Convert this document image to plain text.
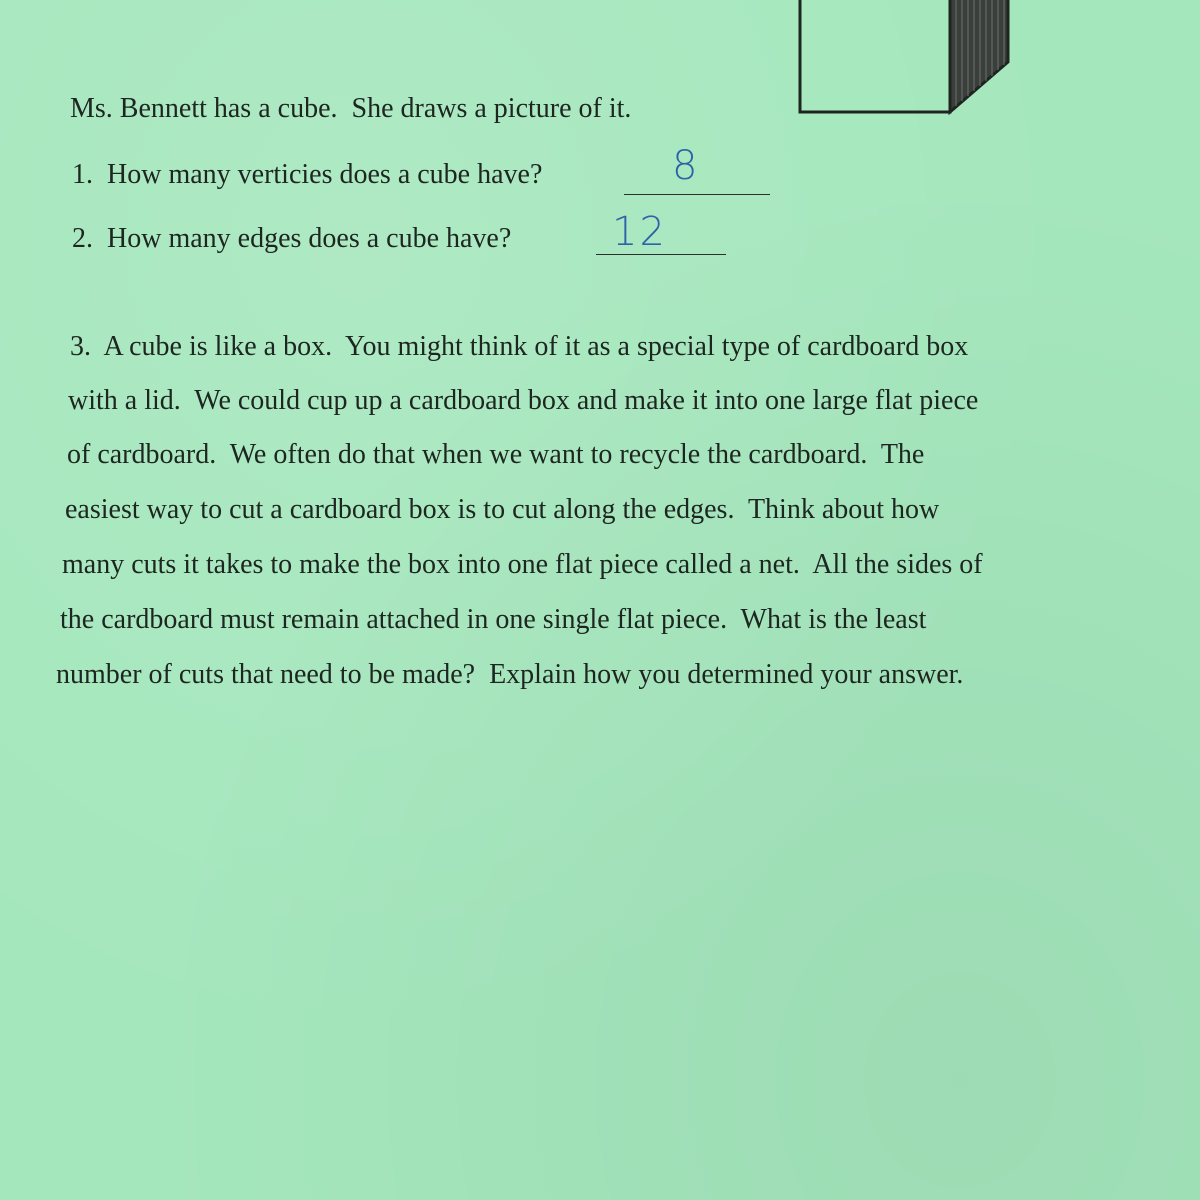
Ms. Bennett has a cube.  She draws a picture of it.
1.  How many verticies does a cube have?	8
2.  How many edges does a cube have?	12
3.  A cube is like a box.  You might think of it as a special type of cardboard box
with a lid.  We could cup up a cardboard box and make it into one large flat piece
of cardboard.  We often do that when we want to recycle the cardboard.  The
easiest way to cut a cardboard box is to cut along the edges.  Think about how
many cuts it takes to make the box into one flat piece called a net.  All the sides of
the cardboard must remain attached in one single flat piece.  What is the least
number of cuts that need to be made?  Explain how you determined your answer.
